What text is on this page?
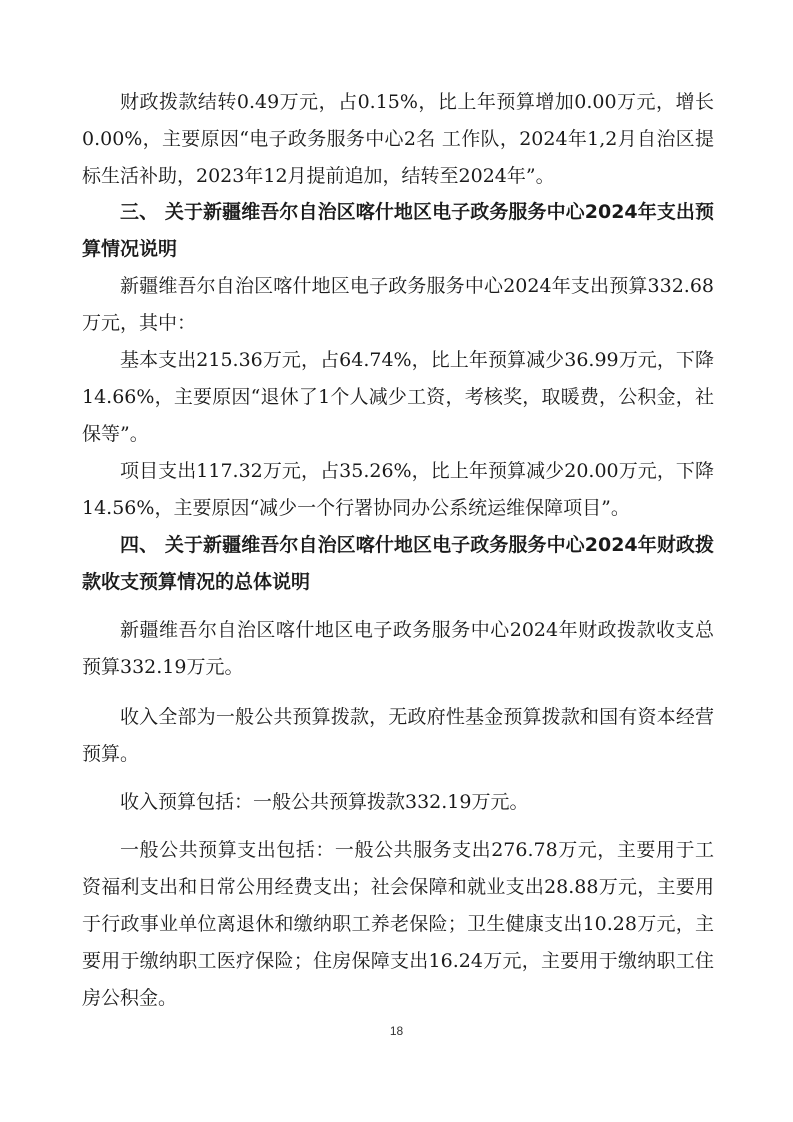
财政拨款结转0.49万元，占0.15%，比上年预算增加0.00万元，增长0.00%，主要原因“电子政务服务中心2名 工作队，2024年1,2月自治区提标生活补助，2023年12月提前追加，结转至2024年”。

三、 关于新疆维吾尔自治区喀什地区电子政务服务中心2024年支出预算情况说明

新疆维吾尔自治区喀什地区电子政务服务中心2024年支出预算332.68万元，其中：

基本支出215.36万元，占64.74%，比上年预算减少36.99万元，下降14.66%，主要原因“退休了1个人减少工资，考核奖，取暖费，公积金，社保等”。

项目支出117.32万元，占35.26%，比上年预算减少20.00万元，下降14.56%，主要原因“减少一个行署协同办公系统运维保障项目”。

四、 关于新疆维吾尔自治区喀什地区电子政务服务中心2024年财政拨款收支预算情况的总体说明

新疆维吾尔自治区喀什地区电子政务服务中心2024年财政拨款收支总预算332.19万元。

收入全部为一般公共预算拨款，无政府性基金预算拨款和国有资本经营预算。

收入预算包括：一般公共预算拨款332.19万元。

一般公共预算支出包括：一般公共服务支出276.78万元，主要用于工资福利支出和日常公用经费支出；社会保障和就业支出28.88万元，主要用于行政事业单位离退休和缴纳职工养老保险；卫生健康支出10.28万元，主要用于缴纳职工医疗保险；住房保障支出16.24万元，主要用于缴纳职工住房公积金。

18
